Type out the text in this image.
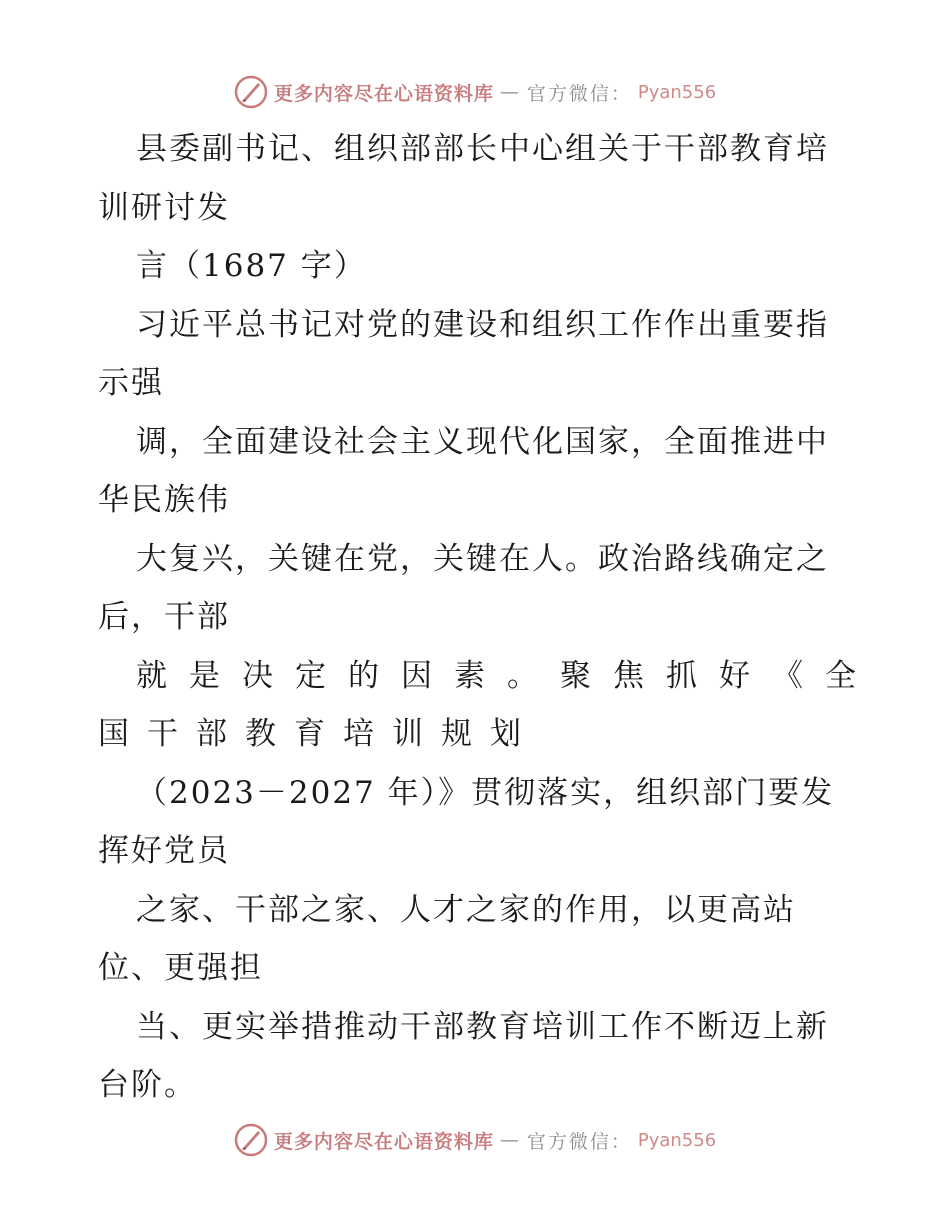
更多内容尽在心语资料库 — 官方微信： Pyan556
县委副书记、组织部部长中心组关于干部教育培
训研讨发
言（1687 字）
习近平总书记对党的建设和组织工作作出重要指
示强
调，全面建设社会主义现代化国家，全面推进中
华民族伟
大复兴，关键在党，关键在人。政治路线确定之
后，干部
就是决定的因素。聚焦抓好《全
国干部教育培训规划
（2023－2027 年）》贯彻落实，组织部门要发
挥好党员
之家、干部之家、人才之家的作用，以更高站
位、更强担
当、更实举措推动干部教育培训工作不断迈上新
台阶。
更多内容尽在心语资料库 — 官方微信： Pyan556
